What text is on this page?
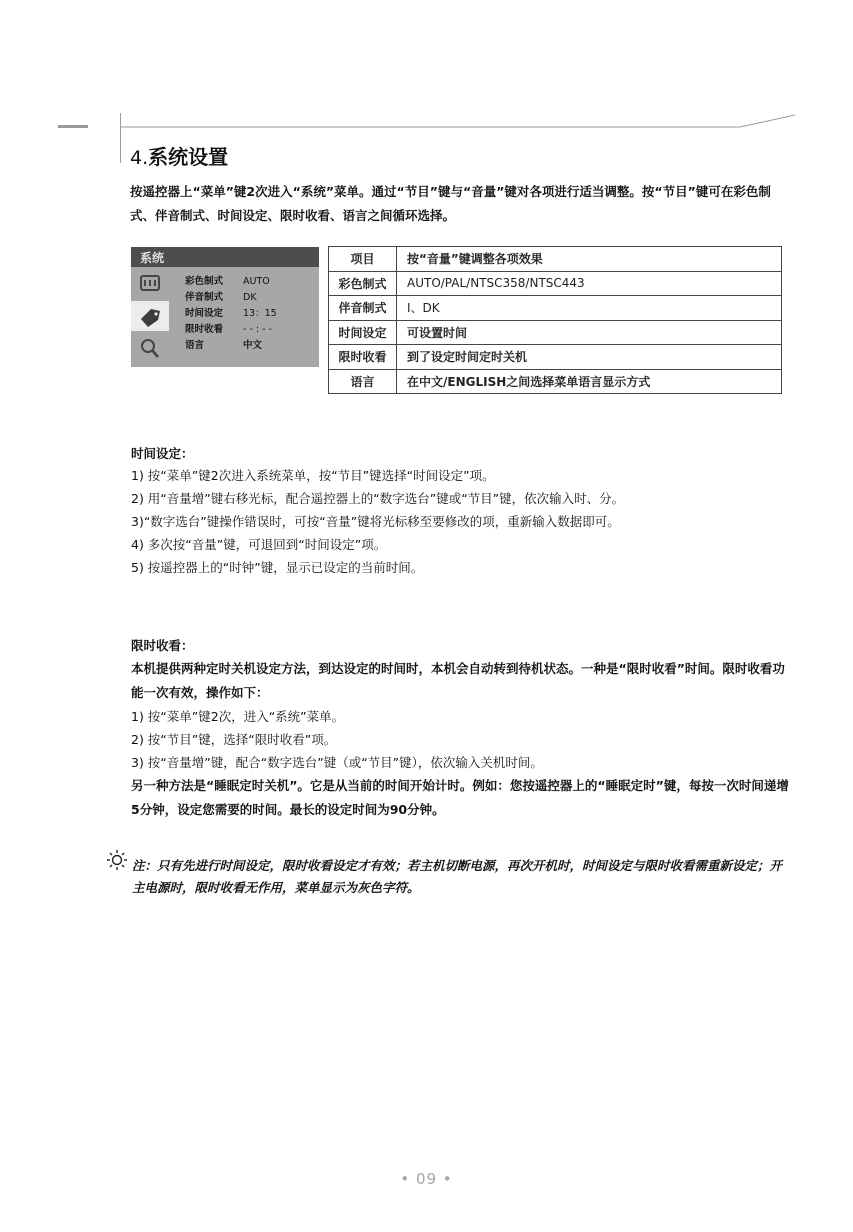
4.系统设置
按遥控器上“菜单”键2次进入“系统”菜单。通过“节目”键与“音量”键对各项进行适当调整。按“节目”键可在彩色制式、伴音制式、时间设定、限时收看、语言之间循环选择。
系统
彩色制式 AUTO
伴音制式 DK
时间设定 13：15
限时收看 - - : - -
语言	中文
项目	按“音量”键调整各项效果
彩色制式	AUTO/PAL/NTSC358/NTSC443
伴音制式	I、DK
时间设定	可设置时间
限时收看	到了设定时间定时关机
语言	在中文/ENGLISH之间选择菜单语言显示方式
时间设定：
1) 按“菜单”键2次进入系统菜单，按“节目”键选择“时间设定”项。
2) 用“音量增”键右移光标，配合遥控器上的“数字选台”键或“节目”键，依次输入时、分。
3)“数字选台”键操作错误时，可按“音量”键将光标移至要修改的项，重新输入数据即可。
4) 多次按“音量”键，可退回到“时间设定”项。
5) 按遥控器上的“时钟”键，显示已设定的当前时间。
限时收看：
本机提供两种定时关机设定方法，到达设定的时间时，本机会自动转到待机状态。一种是“限时收看”时间。限时收看功能一次有效，操作如下：
1) 按“菜单”键2次，进入“系统”菜单。
2) 按“节目”键，选择“限时收看”项。
3) 按“音量增”键，配合“数字选台”键（或“节目”键），依次输入关机时间。
另一种方法是“睡眠定时关机”。它是从当前的时间开始计时。例如：您按遥控器上的“睡眠定时”键，每按一次时间递增5分钟，设定您需要的时间。最长的设定时间为90分钟。
注：只有先进行时间设定，限时收看设定才有效；若主机切断电源，再次开机时，时间设定与限时收看需重新设定；开主电源时，限时收看无作用，菜单显示为灰色字符。
• 09 •
